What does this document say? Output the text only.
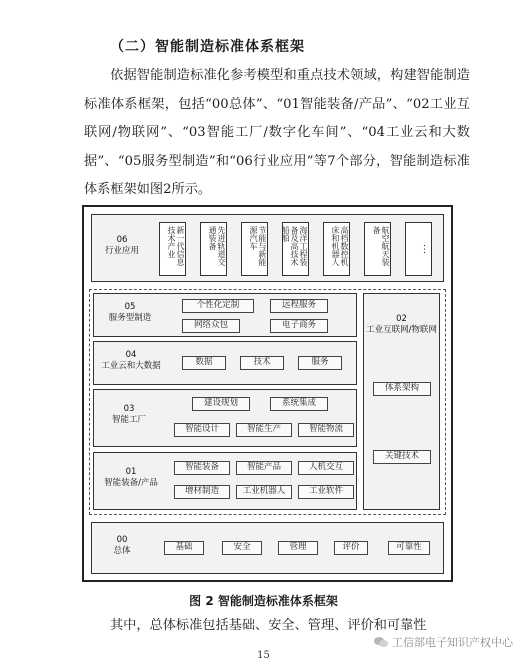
（二）智能制造标准体系框架
依据智能制造标准化参考模型和重点技术领域，构建智能制造标准体系框架，包括“00总体”、“01智能装备/产品”、“02工业互联网/物联网”、“03智能工厂/数字化车间”、“04工业云和大数据”、“05服务型制造”和“06行业应用”等7个部分，智能制造标准体系框架如图2所示。
06
行业应用	新一代信息技术产业	先进轨道交通装备	节能与新能源汽车	海洋工程装备及高技术船舶	高档数控机床和机器人	航空航天装备
⋮
05
服务型制造
个性化定制	远程服务
网络众包	电子商务
04
工业云和大数据	数据	技术	服务
03
智能工厂
建设规划	系统集成
智能设计	智能生产	智能物流
01
智能装备/产品
智能装备	智能产品	人机交互
增材制造	工业机器人	工业软件
02
工业互联网/物联网
体系架构
关键技术
00
总体	基础	安全	管理	评价	可靠性
图 2 智能制造标准体系框架
其中，总体标准包括基础、安全、管理、评价和可靠性
工信部电子知识产权中心
15
